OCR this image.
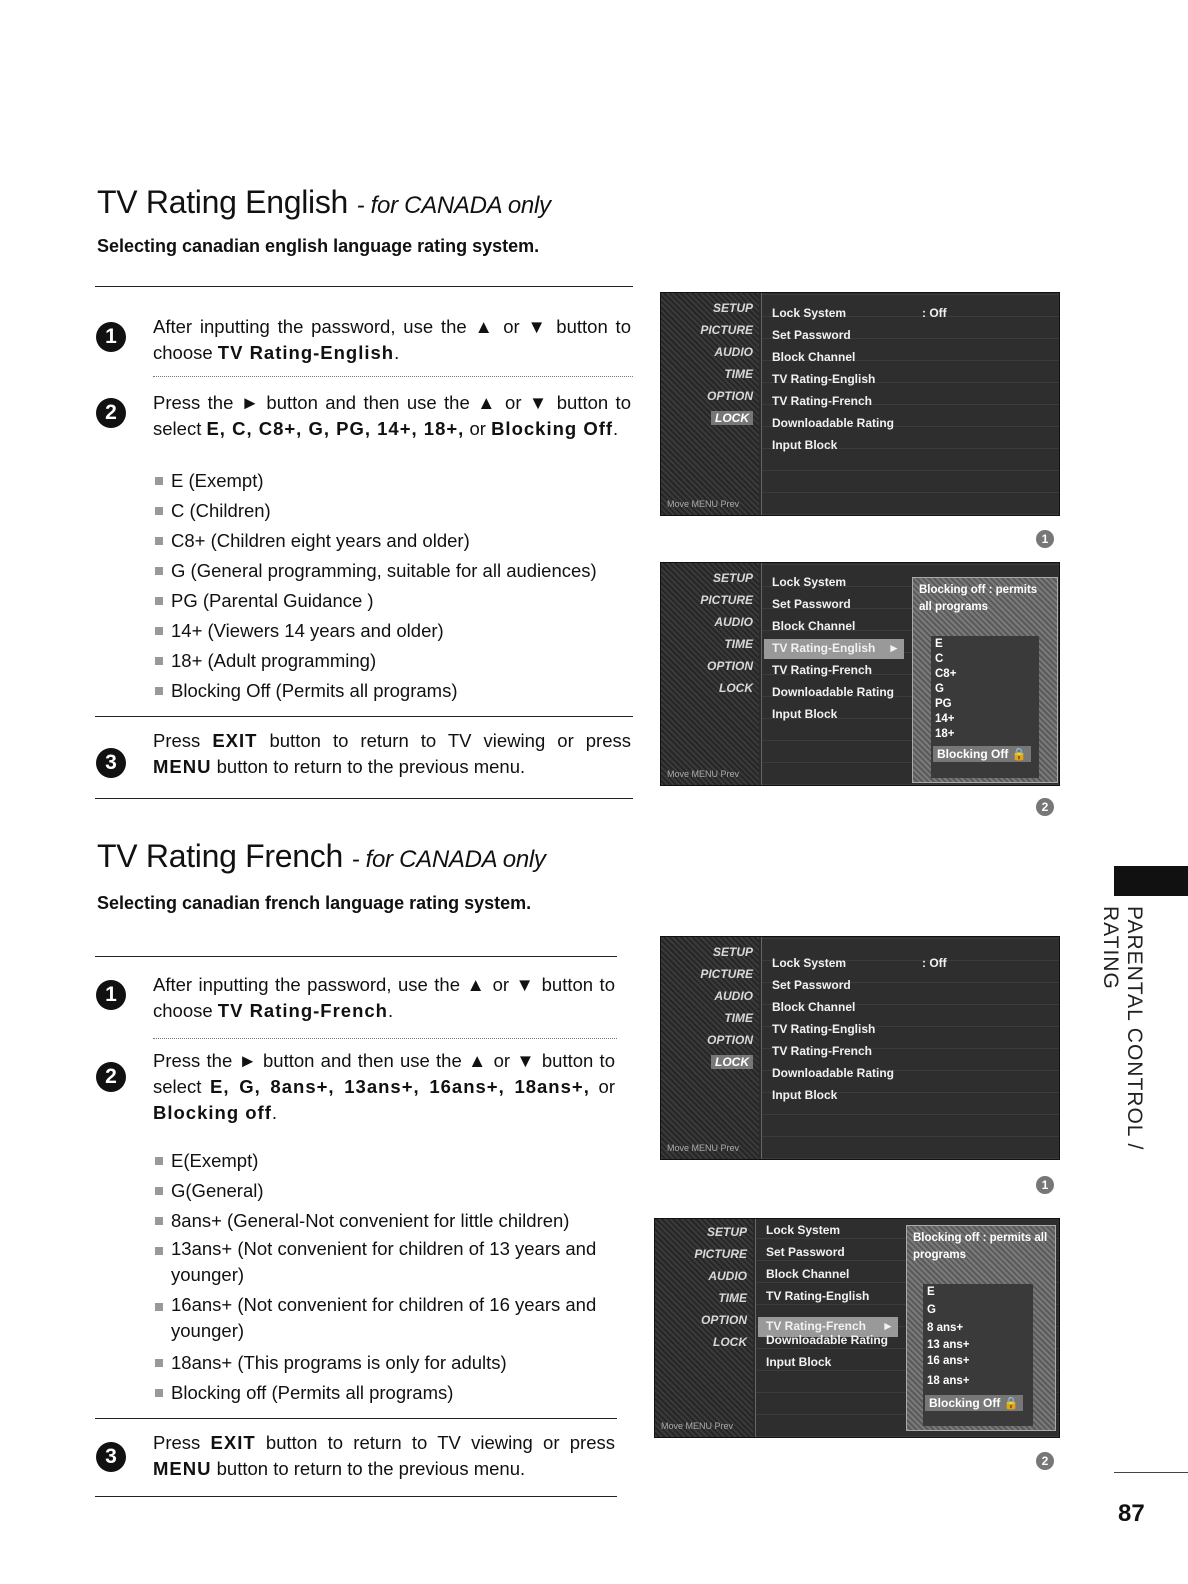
TV Rating English - for CANADA only
Selecting canadian english language rating system.
1	After inputting the password, use the ▲ or ▼ button to choose TV Rating-English.
2	Press the ► button and then use the ▲ or ▼ button to select E, C, C8+, G, PG, 14+, 18+, or Blocking Off.
E (Exempt)
C (Children)
C8+ (Children eight years and older)
G (General programming, suitable for all audiences)
PG (Parental Guidance )
14+ (Viewers 14 years and older)
18+ (Adult programming)
Blocking Off (Permits all programs)
3
Press EXIT button to return to TV viewing or press MENU button to return to the previous menu.
SETUP
PICTURE
AUDIO
TIME
OPTION
LOCK
Move MENU Prev
Lock System	: Off
Set Password
Block Channel
TV Rating-English
TV Rating-French
Downloadable Rating
Input Block
1
SETUP
PICTURE
AUDIO
TIME
OPTION
LOCK
Move MENU Prev
Lock System
Set Password
Block Channel
TV Rating-English ►
TV Rating-French
Downloadable Rating
Input Block
Blocking off : permits all programs
E
C
C8+
G
PG
14+
18+
Blocking Off 🔒
2
TV Rating French - for CANADA only
Selecting canadian french language rating system.
1	After inputting the password, use the ▲ or ▼ button to choose TV Rating-French.
2
Press the ► button and then use the ▲ or ▼ button to select E, G, 8ans+, 13ans+, 16ans+, 18ans+, or Blocking off.
E(Exempt)
G(General)
8ans+ (General-Not convenient for little children)
13ans+ (Not convenient for children of 13 years and younger)
16ans+ (Not convenient for children of 16 years and younger)
18ans+ (This programs is only for adults)
Blocking off (Permits all programs)
3
Press EXIT button to return to TV viewing or press MENU button to return to the previous menu.
SETUP
PICTURE
AUDIO
TIME
OPTION
LOCK
Move MENU Prev
Lock System	: Off
Set Password
Block Channel
TV Rating-English
TV Rating-French
Downloadable Rating
Input Block
1
SETUP
PICTURE
AUDIO
TIME
OPTION
LOCK
Move MENU Prev
Lock System
Set Password
Block Channel
TV Rating-English
TV Rating-French ►
Downloadable Rating
Input Block
Blocking off : permits all programs
E
G
8 ans+
13 ans+
16 ans+
18 ans+
Blocking Off 🔒
2
PARENTAL CONTROL / RATING
87
